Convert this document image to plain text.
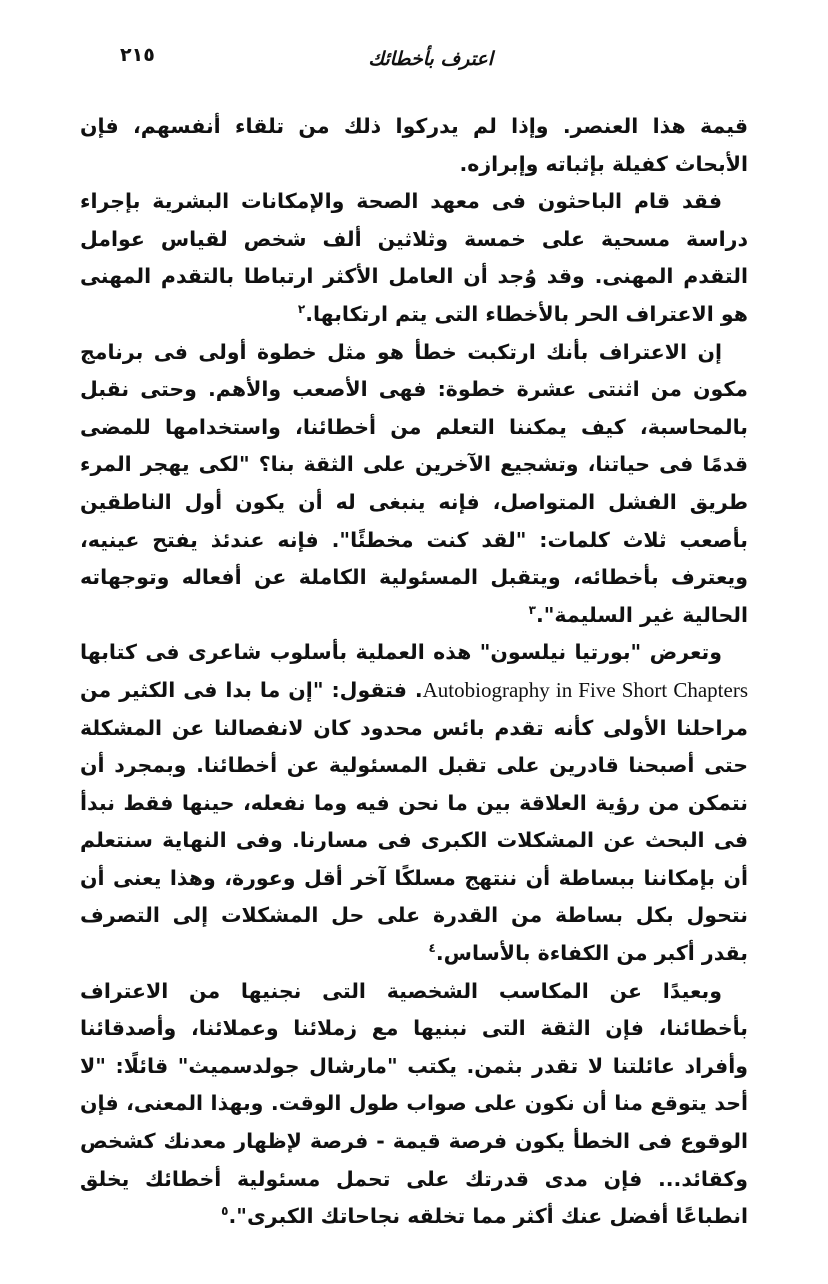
٢١٥	اعترف بأخطائك

قيمة هذا العنصر. وإذا لم يدركوا ذلك من تلقاء أنفسهم، فإن الأبحاث كفيلة بإثباته وإبرازه.

فقد قام الباحثون فى معهد الصحة والإمكانات البشرية بإجراء دراسة مسحية على خمسة وثلاثين ألف شخص لقياس عوامل التقدم المهنى. وقد وُجد أن العامل الأكثر ارتباطا بالتقدم المهنى هو الاعتراف الحر بالأخطاء التى يتم ارتكابها.$^٢$

إن الاعتراف بأنك ارتكبت خطأ هو مثل خطوة أولى فى برنامج مكون من اثنتى عشرة خطوة: فهى الأصعب والأهم. وحتى نقبل بالمحاسبة، كيف يمكننا التعلم من أخطائنا، واستخدامها للمضى قدمًا فى حياتنا، وتشجيع الآخرين على الثقة بنا؟ "لكى يهجر المرء طريق الفشل المتواصل، فإنه ينبغى له أن يكون أول الناطقين بأصعب ثلاث كلمات: "لقد كنت مخطئًا". فإنه عندئذ يفتح عينيه، ويعترف بأخطائه، ويتقبل المسئولية الكاملة عن أفعاله وتوجهاته الحالية غير السليمة".$^٣$

وتعرض "بورتيا نيلسون" هذه العملية بأسلوب شاعرى فى كتابها Autobiography in Five Short Chapters. فتقول: "إن ما بدا فى الكثير من مراحلنا الأولى كأنه تقدم بائس محدود كان لانفصالنا عن المشكلة حتى أصبحنا قادرين على تقبل المسئولية عن أخطائنا. وبمجرد أن نتمكن من رؤية العلاقة بين ما نحن فيه وما نفعله، حينها فقط نبدأ فى البحث عن المشكلات الكبرى فى مسارنا. وفى النهاية سنتعلم أن بإمكاننا ببساطة أن ننتهج مسلكًا آخر أقل وعورة، وهذا يعنى أن نتحول بكل بساطة من القدرة على حل المشكلات إلى التصرف بقدر أكبر من الكفاءة بالأساس.$^٤$

وبعيدًا عن المكاسب الشخصية التى نجنيها من الاعتراف بأخطائنا، فإن الثقة التى نبنيها مع زملائنا وعملائنا، وأصدقائنا وأفراد عائلتنا لا تقدر بثمن. يكتب "مارشال جولدسميث" قائلًا: "لا أحد يتوقع منا أن نكون على صواب طول الوقت. وبهذا المعنى، فإن الوقوع فى الخطأ يكون فرصة قيمة - فرصة لإظهار معدنك كشخص وكقائد... فإن مدى قدرتك على تحمل مسئولية أخطائك يخلق انطباعًا أفضل عنك أكثر مما تخلقه نجاحاتك الكبرى".$^٥$
